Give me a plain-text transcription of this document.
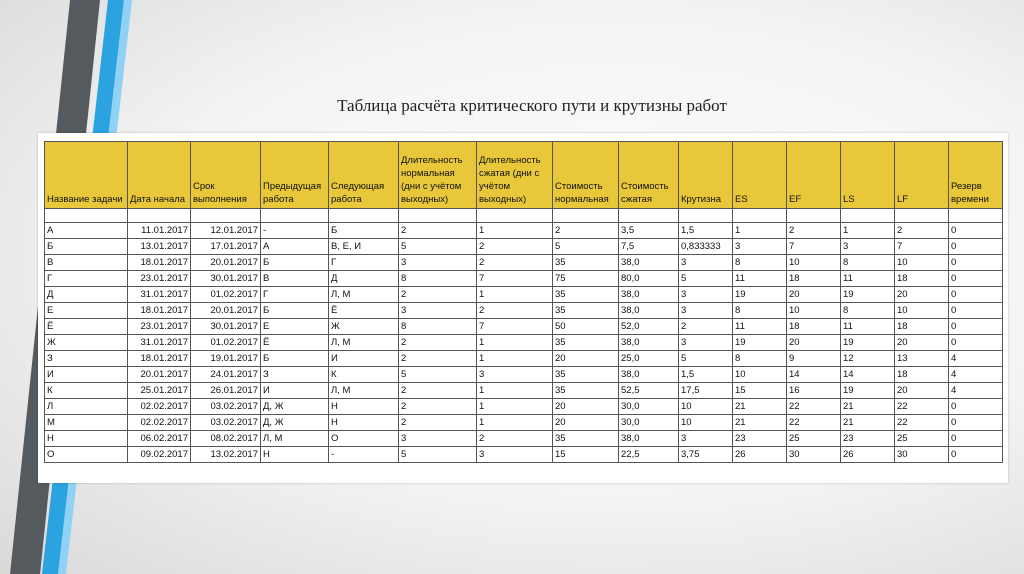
Таблица расчёта критического пути и крутизны работ
Название задачи	Дата начала	Срок выполнения	Предыдущая работа	Следующая работа	Длительность нормальная (дни с учётом выходных)	Длительность сжатая (дни с учётом выходных)	Стоимость нормальная	Стоимость сжатая	Крутизна	ES	EF	LS	LF	Резерв времени

А	11.01.2017	12.01.2017	-	Б	2	1	2	3,5	1,5	1	2	1	2	0
Б	13.01.2017	17.01.2017	А	В, Е, И	5	2	5	7,5	0,833333	3	7	3	7	0
В	18.01.2017	20.01.2017	Б	Г	3	2	35	38,0	3	8	10	8	10	0
Г	23.01.2017	30.01.2017	В	Д	8	7	75	80,0	5	11	18	11	18	0
Д	31.01.2017	01.02.2017	Г	Л, М	2	1	35	38,0	3	19	20	19	20	0
Е	18.01.2017	20.01.2017	Б	Ё	3	2	35	38,0	3	8	10	8	10	0
Ё	23.01.2017	30.01.2017	Е	Ж	8	7	50	52,0	2	11	18	11	18	0
Ж	31.01.2017	01.02.2017	Ё	Л, М	2	1	35	38,0	3	19	20	19	20	0
З	18.01.2017	19.01.2017	Б	И	2	1	20	25,0	5	8	9	12	13	4
И	20.01.2017	24.01.2017	З	К	5	3	35	38,0	1,5	10	14	14	18	4
К	25.01.2017	26.01.2017	И	Л, М	2	1	35	52,5	17,5	15	16	19	20	4
Л	02.02.2017	03.02.2017	Д, Ж	Н	2	1	20	30,0	10	21	22	21	22	0
М	02.02.2017	03.02.2017	Д, Ж	Н	2	1	20	30,0	10	21	22	21	22	0
Н	06.02.2017	08.02.2017	Л, М	О	3	2	35	38,0	3	23	25	23	25	0
О	09.02.2017	13.02.2017	Н	-	5	3	15	22,5	3,75	26	30	26	30	0
